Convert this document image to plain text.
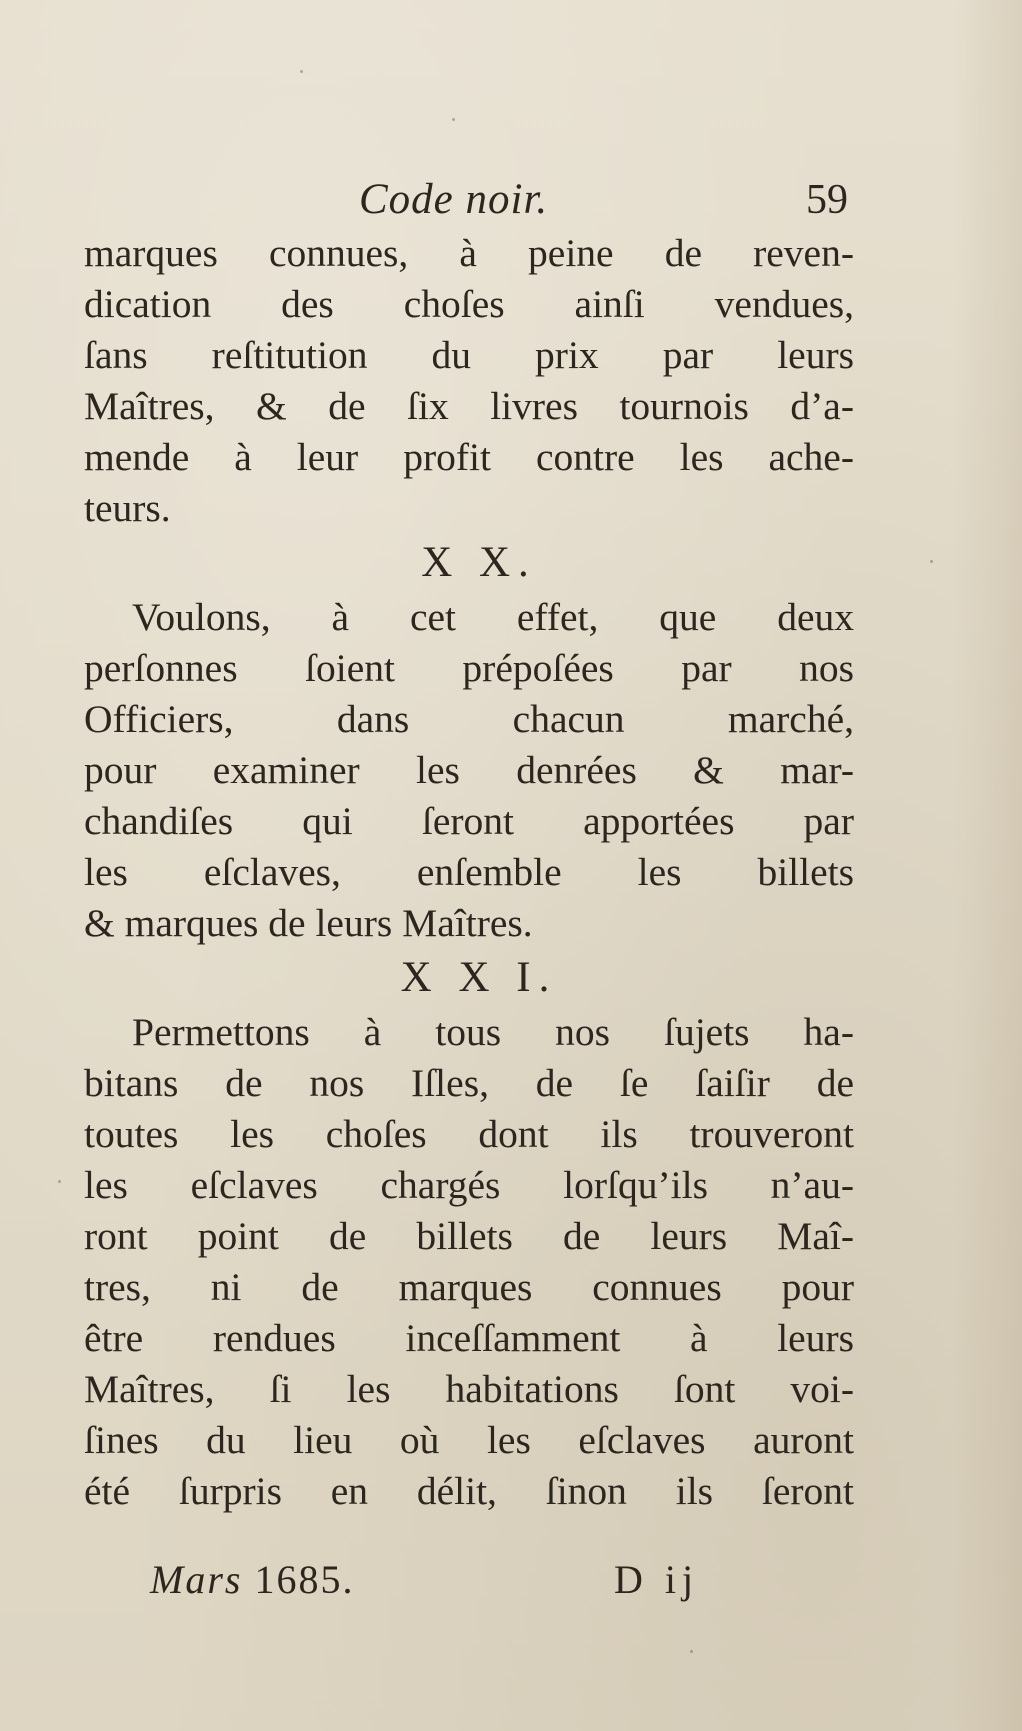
Code noir.	59
marques connues, à peine de reven-
dication des choſes ainſi vendues,
ſans reſtitution du prix par leurs
Maîtres, & de ſix livres tournois d’a-
mende à leur profit contre les ache-
teurs.
X X.
Voulons, à cet effet, que deux
perſonnes ſoient prépoſées par nos
Officiers, dans chacun marché,
pour examiner les denrées & mar-
chandiſes qui ſeront apportées par
les eſclaves, enſemble les billets
& marques de leurs Maîtres.
X X I.
Permettons à tous nos ſujets ha-
bitans de nos Iſles, de ſe ſaiſir de
toutes les choſes dont ils trouveront
les eſclaves chargés lorſqu’ils n’au-
ront point de billets de leurs Maî-
tres, ni de marques connues pour
être rendues inceſſamment à leurs
Maîtres, ſi les habitations ſont voi-
ſines du lieu où les eſclaves auront
été ſurpris en délit, ſinon ils ſeront
Mars 1685.	D ij
